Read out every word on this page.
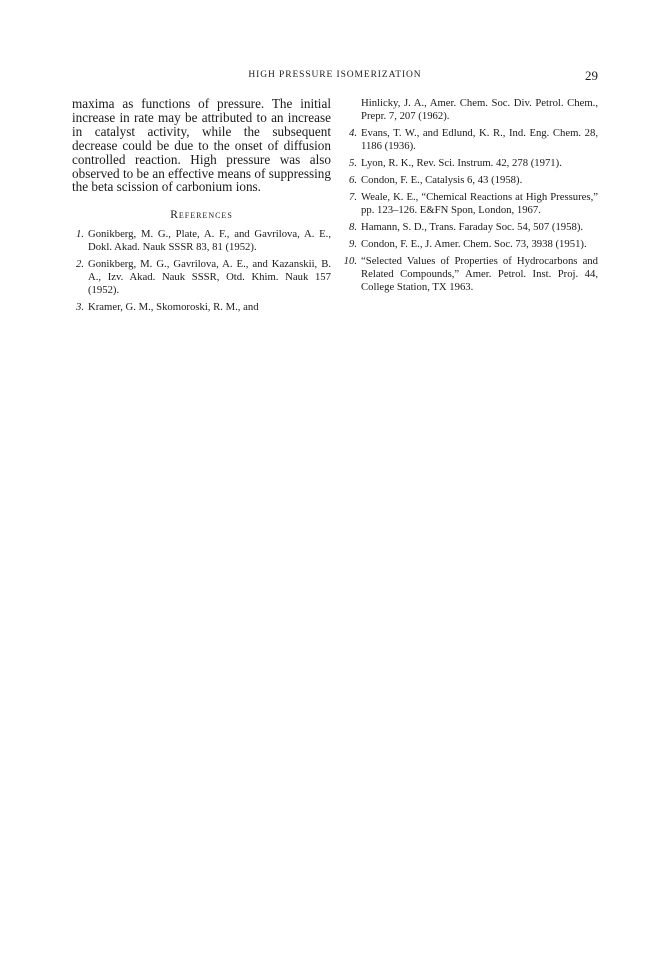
HIGH PRESSURE ISOMERIZATION	29

maxima as functions of pressure. The initial increase in rate may be attributed to an increase in catalyst activity, while the subsequent decrease could be due to the onset of diffusion controlled reaction. High pressure was also observed to be an effective means of suppressing the beta scission of carbonium ions.

References
1. Gonikberg, M. G., Plate, A. F., and Gavrilova, A. E., Dokl. Akad. Nauk SSSR 83, 81 (1952).
2. Gonikberg, M. G., Gavrilova, A. E., and Kazanskii, B. A., Izv. Akad. Nauk SSSR, Otd. Khim. Nauk 157 (1952).
3. Kramer, G. M., Skomoroski, R. M., and
Hinlicky, J. A., Amer. Chem. Soc. Div. Petrol. Chem., Prepr. 7, 207 (1962).
4. Evans, T. W., and Edlund, K. R., Ind. Eng. Chem. 28, 1186 (1936).
5. Lyon, R. K., Rev. Sci. Instrum. 42, 278 (1971).
6. Condon, F. E., Catalysis 6, 43 (1958).
7. Weale, K. E., “Chemical Reactions at High Pressures,” pp. 123–126. E&FN Spon, London, 1967.
8. Hamann, S. D., Trans. Faraday Soc. 54, 507 (1958).
9. Condon, F. E., J. Amer. Chem. Soc. 73, 3938 (1951).
10. “Selected Values of Properties of Hydrocarbons and Related Compounds,” Amer. Petrol. Inst. Proj. 44, College Station, TX 1963.
